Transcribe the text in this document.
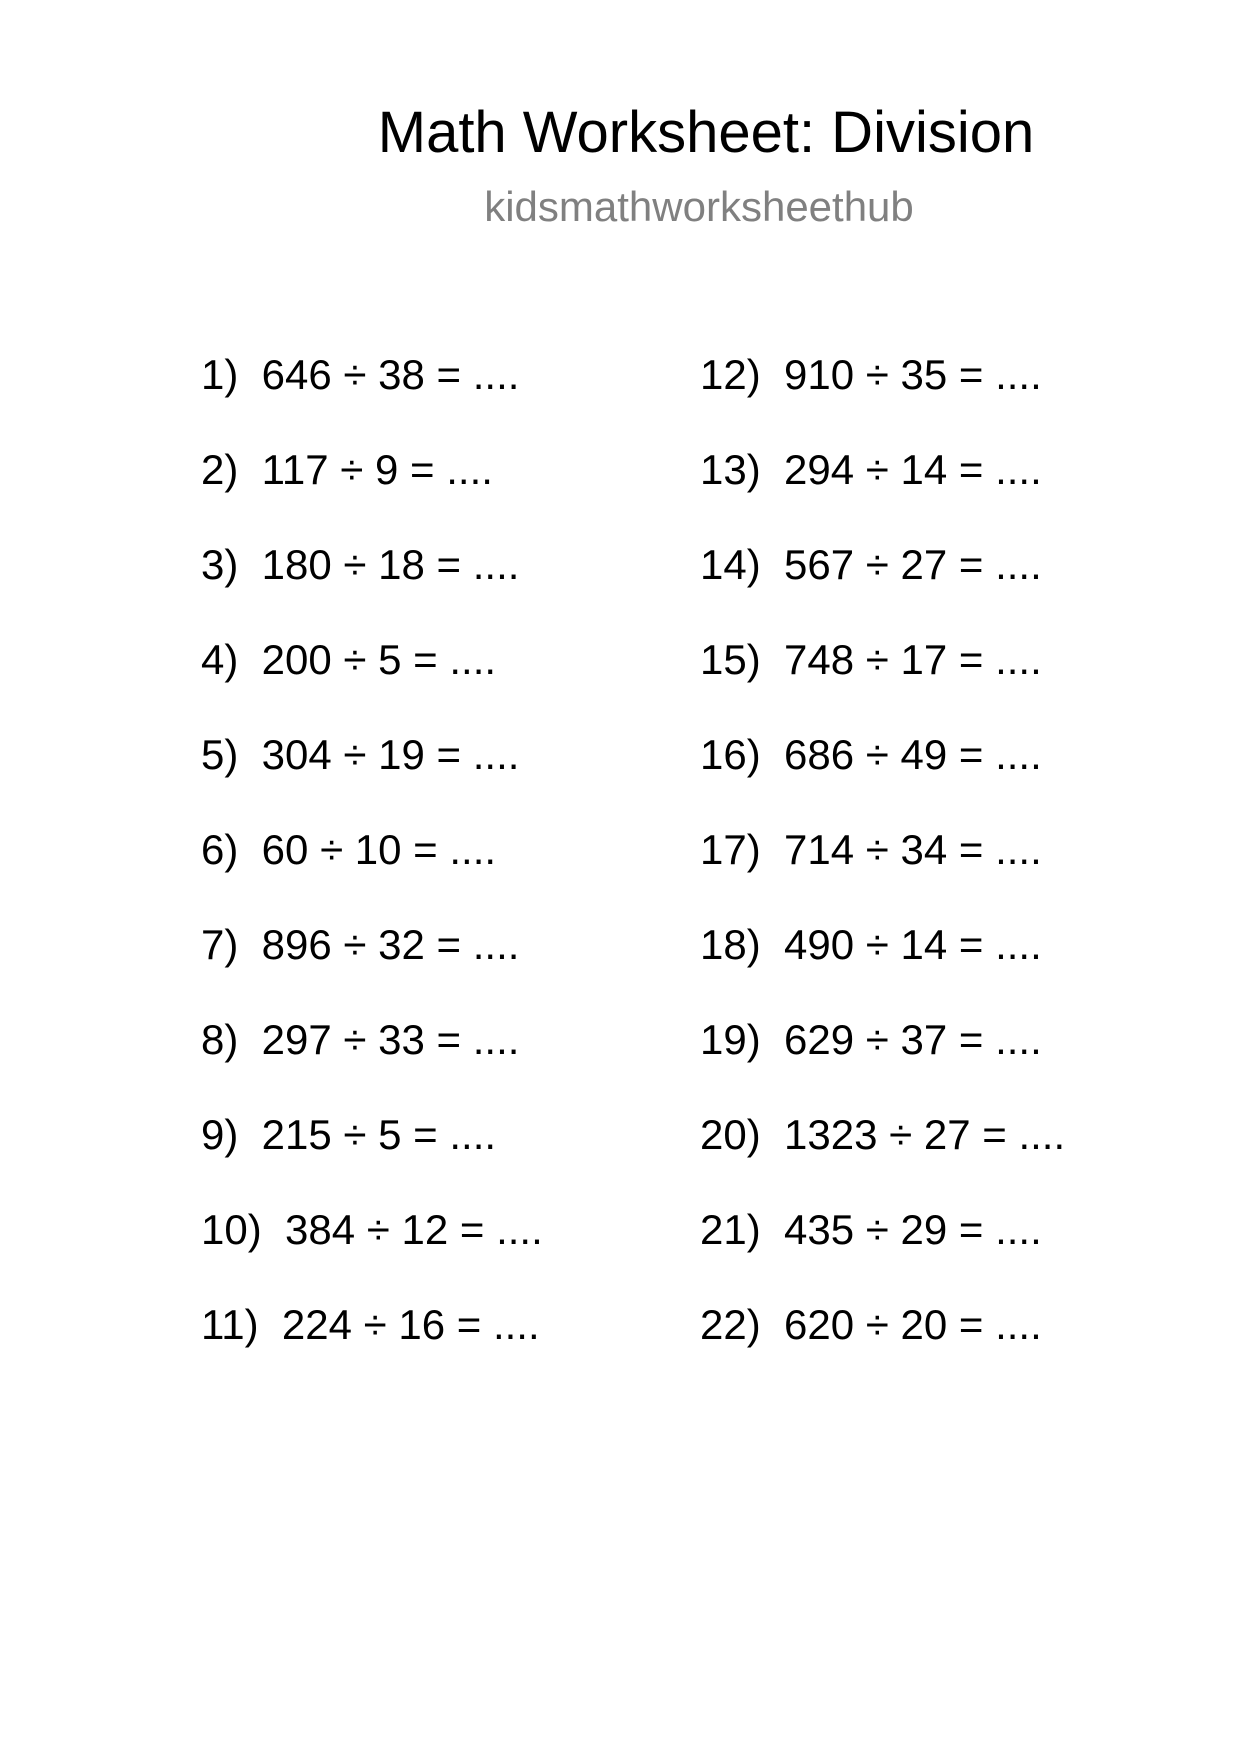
Math Worksheet: Division
kidsmathworksheethub
1)  646 ÷ 38 = ....
2)  117 ÷ 9 = ....
3)  180 ÷ 18 = ....
4)  200 ÷ 5 = ....
5)  304 ÷ 19 = ....
6)  60 ÷ 10 = ....
7)  896 ÷ 32 = ....
8)  297 ÷ 33 = ....
9)  215 ÷ 5 = ....
10)  384 ÷ 12 = ....
11)  224 ÷ 16 = ....
12)  910 ÷ 35 = ....
13)  294 ÷ 14 = ....
14)  567 ÷ 27 = ....
15)  748 ÷ 17 = ....
16)  686 ÷ 49 = ....
17)  714 ÷ 34 = ....
18)  490 ÷ 14 = ....
19)  629 ÷ 37 = ....
20)  1323 ÷ 27 = ....
21)  435 ÷ 29 = ....
22)  620 ÷ 20 = ....
